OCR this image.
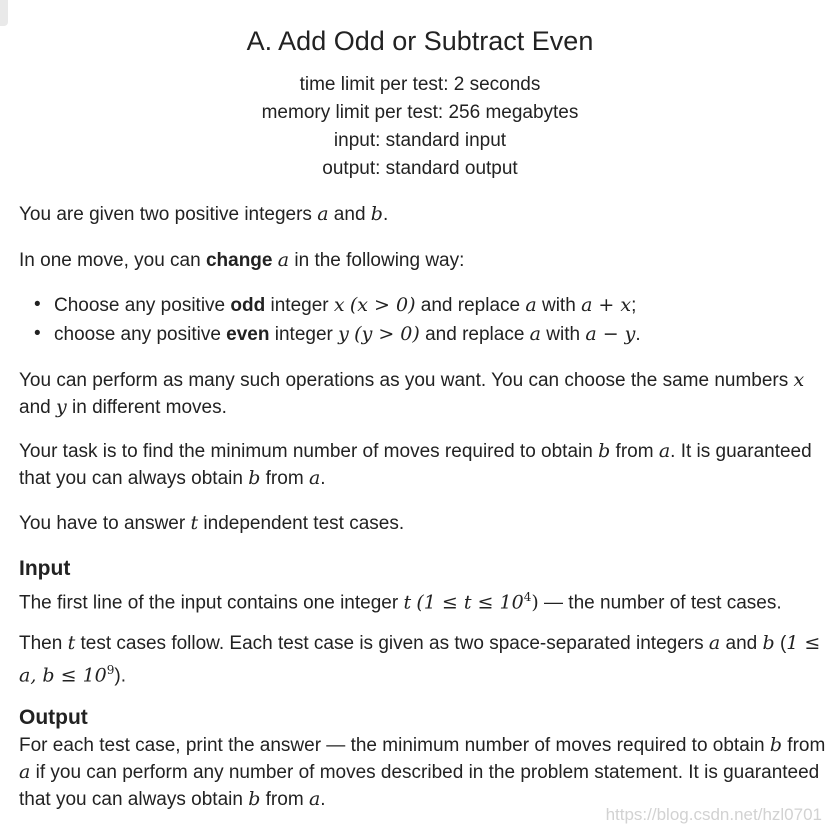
A. Add Odd or Subtract Even
time limit per test: 2 seconds
memory limit per test: 256 megabytes
input: standard input
output: standard output
You are given two positive integers a and b.
In one move, you can change a in the following way:
• Choose any positive odd integer x (x > 0) and replace a with a + x;
• choose any positive even integer y (y > 0) and replace a with a − y.
You can perform as many such operations as you want. You can choose the same numbers x and y in different moves.
Your task is to find the minimum number of moves required to obtain b from a. It is guaranteed that you can always obtain b from a.
You have to answer t independent test cases.
Input
The first line of the input contains one integer t $(1 \le t \le 10^4)$ — the number of test cases.
Then t test cases follow. Each test case is given as two space-separated integers a and b (1 ≤ a, $b \le 10^9$).
Output
For each test case, print the answer — the minimum number of moves required to obtain b from a if you can perform any number of moves described in the problem statement. It is guaranteed that you can always obtain b from a.
https://blog.csdn.net/hzl0701
